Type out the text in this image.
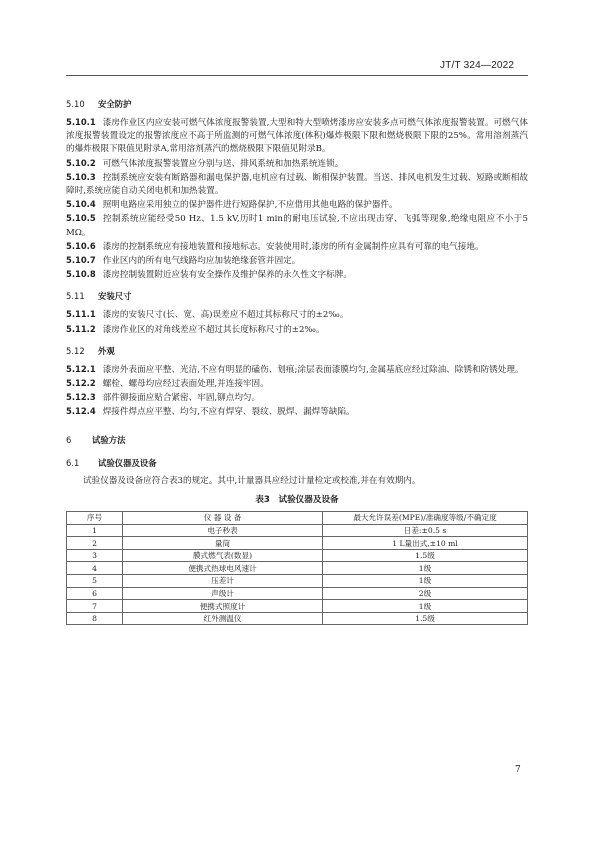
JT/T 324—2022
5.10 安全防护
5.10.1 漆房作业区内应安装可燃气体浓度报警装置,大型和特大型喷烤漆房应安装多点可燃气体浓度报警装置。可燃气体浓度报警装置设定的报警浓度应不高于所监测的可燃气体浓度(体积)爆炸极限下限和燃烧极限下限的25%。常用溶剂蒸汽的爆炸极限下限值见附录A,常用溶剂蒸汽的燃烧极限下限值见附录B。
5.10.2 可燃气体浓度报警装置应分别与送、排风系统和加热系统连锁。
5.10.3 控制系统应安装有断路器和漏电保护器,电机应有过载、断相保护装置。当送、排风电机发生过载、短路或断相故障时,系统应能自动关闭电机和加热装置。
5.10.4 照明电路应采用独立的保护器件进行短路保护,不应借用其他电路的保护器件。
5.10.5 控制系统应能经受50 Hz、1.5 kV,历时1 min的耐电压试验,不应出现击穿、飞弧等现象,绝缘电阻应不小于5 MΩ。
5.10.6 漆房的控制系统应有接地装置和接地标志。安装使用时,漆房的所有金属制件应具有可靠的电气接地。
5.10.7 作业区内的所有电气线路均应加装绝缘套管并固定。
5.10.8 漆房控制装置附近应装有安全操作及维护保养的永久性文字标牌。
5.11 安装尺寸
5.11.1 漆房的安装尺寸(长、宽、高)误差应不超过其标称尺寸的±2‰。
5.11.2 漆房作业区的对角线差应不超过其长度标称尺寸的±2‰。
5.12 外观
5.12.1 漆房外表面应平整、光洁,不应有明显的磕伤、划痕;涂层表面漆膜均匀,金属基底应经过除油、除锈和防锈处理。
5.12.2 螺栓、螺母均应经过表面处理,并连接牢固。
5.12.3 部件铆接面应贴合紧密、牢固,铆点均匀。
5.12.4 焊接件焊点应平整、均匀,不应有焊穿、裂纹、脱焊、漏焊等缺陷。
6 试验方法
6.1 试验仪器及设备

试验仪器及设备应符合表3的规定。其中,计量器具应经过计量检定或校准,并在有效期内。

表3　试验仪器及设备
序号	仪 器 设 备	最大允许误差(MPE)/准确度等级/不确定度
1	电子秒表	日差:±0.5 s
2	量筒	1 L量出式,±10 ml
3	膜式燃气表(数显)	1.5级
4	便携式热球电风速计	1级
5	压差计	1级
6	声级计	2级
7	便携式照度计	1级
8	红外测温仪	1.5级
7
